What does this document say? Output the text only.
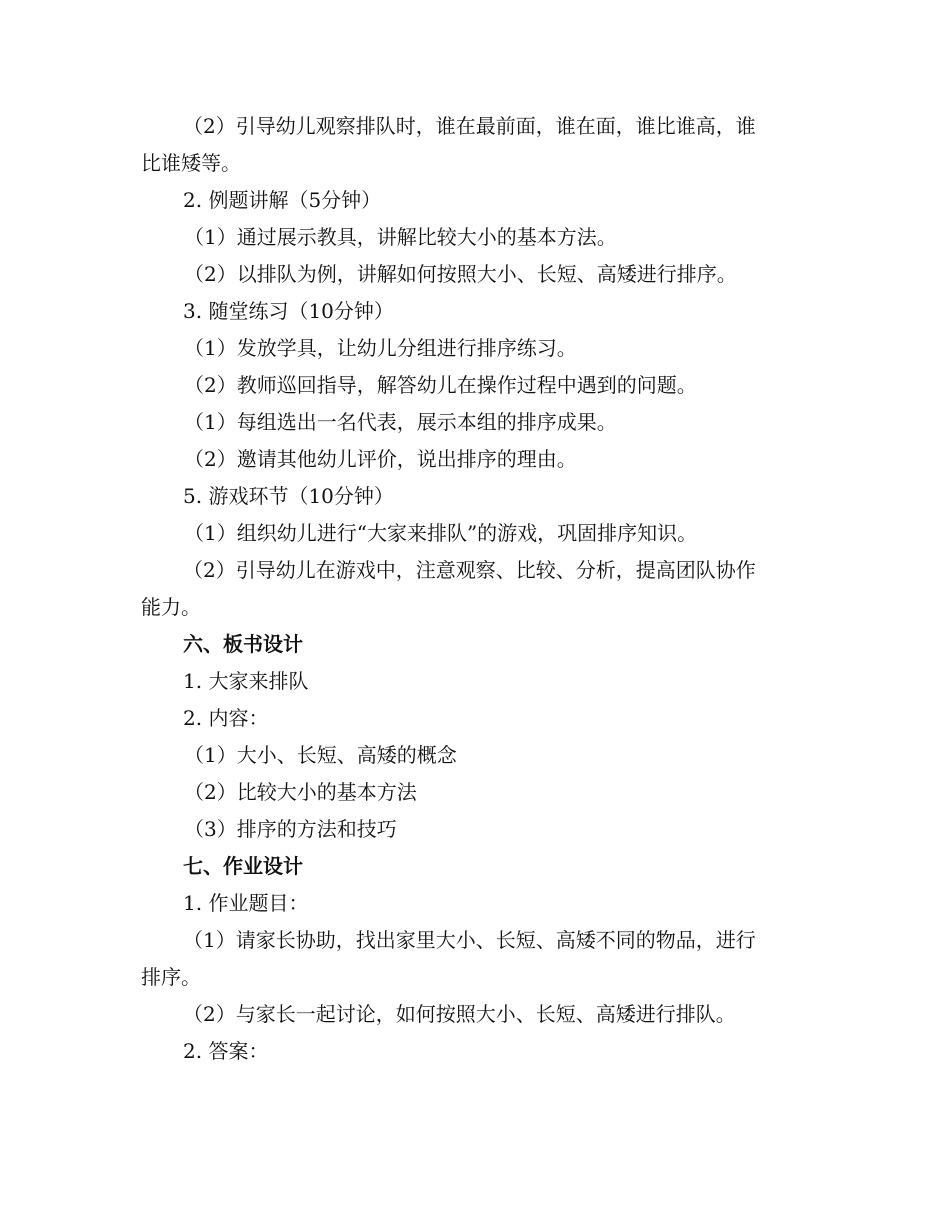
（2）引导幼儿观察排队时，谁在最前面，谁在面，谁比谁高，谁
比谁矮等。
2. 例题讲解（5分钟）
（1）通过展示教具，讲解比较大小的基本方法。
（2）以排队为例，讲解如何按照大小、长短、高矮进行排序。
3. 随堂练习（10分钟）
（1）发放学具，让幼儿分组进行排序练习。
（2）教师巡回指导，解答幼儿在操作过程中遇到的问题。
（1）每组选出一名代表，展示本组的排序成果。
（2）邀请其他幼儿评价，说出排序的理由。
5. 游戏环节（10分钟）
（1）组织幼儿进行“大家来排队”的游戏，巩固排序知识。
（2）引导幼儿在游戏中，注意观察、比较、分析，提高团队协作
能力。
六、板书设计
1. 大家来排队
2. 内容：
（1）大小、长短、高矮的概念
（2）比较大小的基本方法
（3）排序的方法和技巧
七、作业设计
1. 作业题目：
（1）请家长协助，找出家里大小、长短、高矮不同的物品，进行
排序。
（2）与家长一起讨论，如何按照大小、长短、高矮进行排队。
2. 答案：
